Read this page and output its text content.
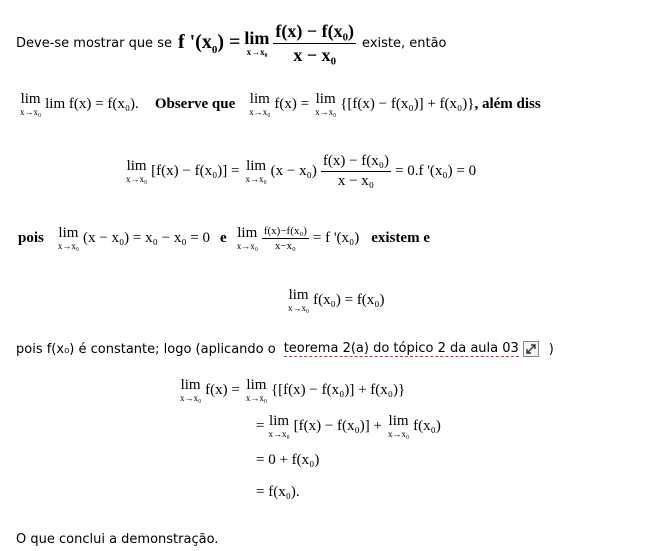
Deve-se mostrar que se f '$(x_0) = \lim$
$x\to x_0 \frac{\text{f(x) − f(x₀)}}{\text{x − x₀}}$ existe, então
lim
x→x₀ lim f(x) = f(x₀). Observe que lim
x→x₀ f(x) = lim
x→x₀ {[f(x) − f(x₀)] + f(x₀)} , além diss
lim
x→x₀ [f(x) − f(x₀)] = lim
x→x₀ $(x - x_0) \frac{\text{f(x) − f(x₀)}}{\text{x − x₀}} = 0.f$ '(x₀) = 0
pois lim
x→x₀ (x − x₀) = x₀ − x₀ = 0 e lim
$x\to x_0 \frac{\text{f(x)−f(x₀)}}{\text{x−x₀}} = f$ '(x₀) existem e
lim
x→x₀ f(x₀) = f(x₀)
pois f(x₀) é constante; logo (aplicando o teorema 2(a) do tópico 2 da aula 03 )
lim
x→x₀ f(x) = lim
x→x₀ {[f(x) − f(x₀)] + f(x₀)}
= lim
x→x₀ [f(x) − f(x₀)] + lim
x→x₀ f(x₀)
= 0 + f(x₀)
= f(x₀).
O que conclui a demonstração.
